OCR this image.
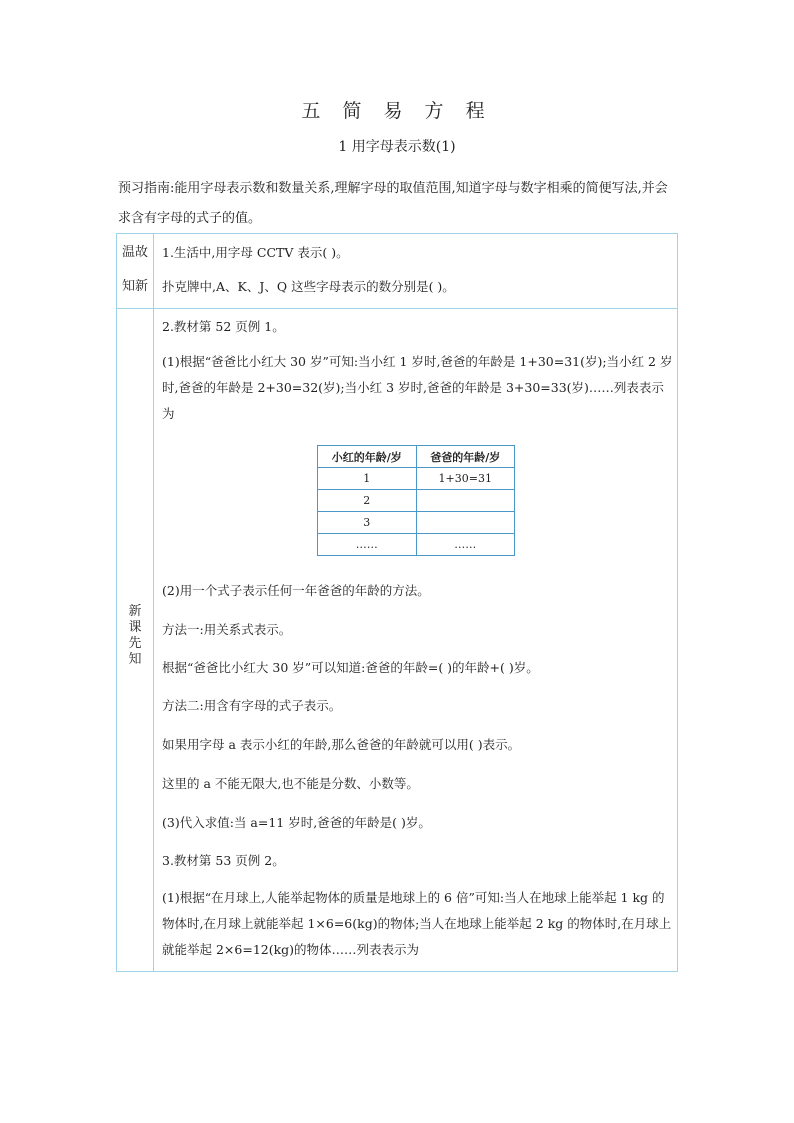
五 简 易 方 程
1 用字母表示数(1)
预习指南:能用字母表示数和数量关系,理解字母的取值范围,知道字母与数字相乘的简便写法,并会求含有字母的式子的值。
温故
知新
1.生活中,用字母 CCTV 表示( )。
扑克牌中,A、K、J、Q 这些字母表示的数分别是( )。
新
课
先
知
2.教材第 52 页例 1。
(1)根据“爸爸比小红大 30 岁”可知:当小红 1 岁时,爸爸的年龄是 1+30=31(岁);当小红 2 岁时,爸爸的年龄是 2+30=32(岁);当小红 3 岁时,爸爸的年龄是 3+30=33(岁)……列表表示为
小红的年龄/岁	爸爸的年龄/岁
1	1+30=31
2	
3	
……	……
(2)用一个式子表示任何一年爸爸的年龄的方法。
方法一:用关系式表示。
根据“爸爸比小红大 30 岁”可以知道:爸爸的年龄=( )的年龄+( )岁。
方法二:用含有字母的式子表示。
如果用字母 a 表示小红的年龄,那么爸爸的年龄就可以用( )表示。
这里的 a 不能无限大,也不能是分数、小数等。
(3)代入求值:当 a=11 岁时,爸爸的年龄是( )岁。
3.教材第 53 页例 2。
(1)根据“在月球上,人能举起物体的质量是地球上的 6 倍”可知:当人在地球上能举起 1 kg 的物体时,在月球上就能举起 1×6=6(kg)的物体;当人在地球上能举起 2 kg 的物体时,在月球上就能举起 2×6=12(kg)的物体……列表表示为
